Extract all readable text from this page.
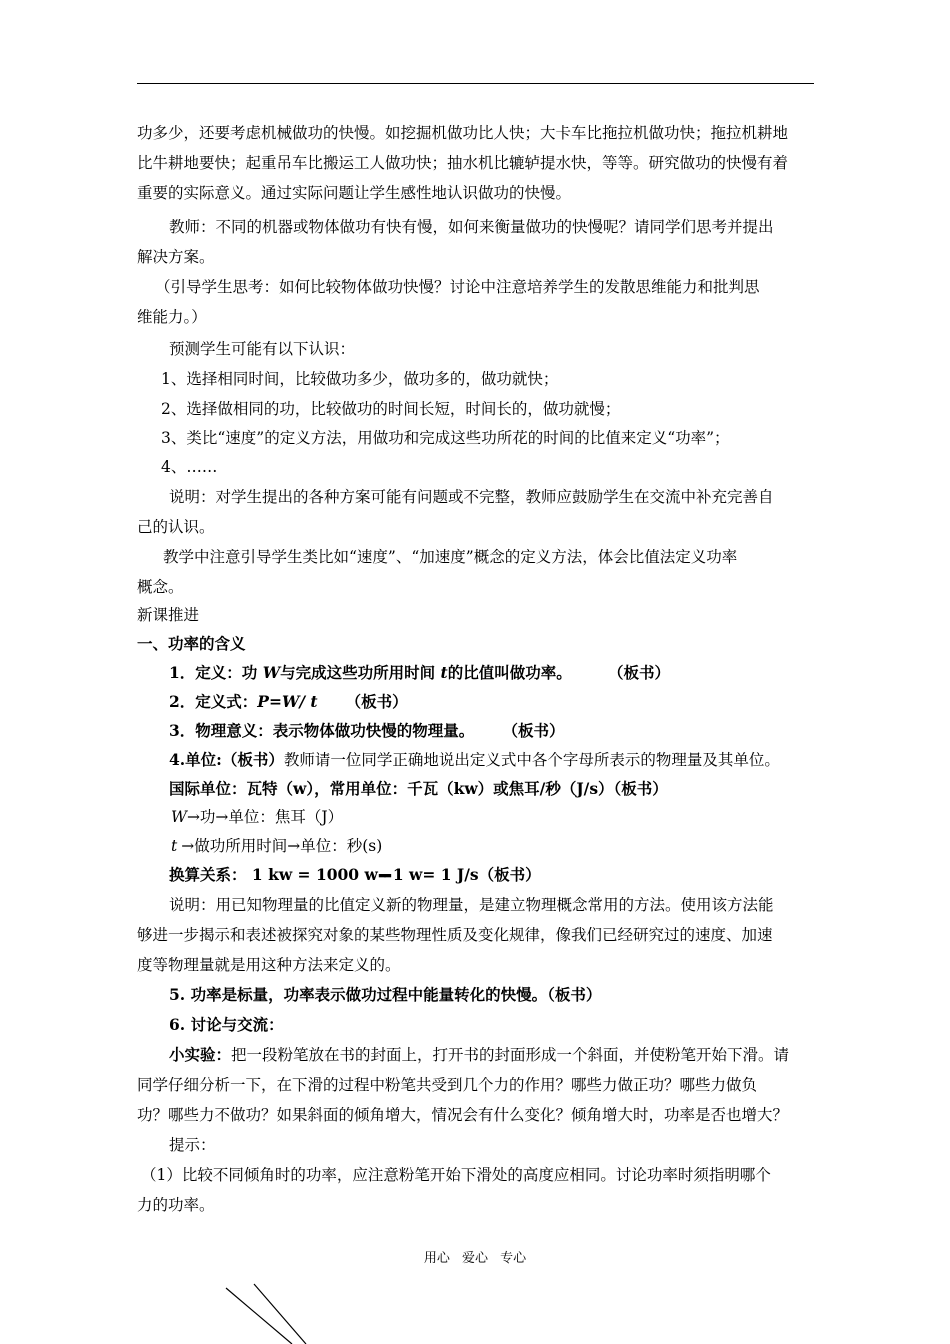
功多少，还要考虑机械做功的快慢。如挖掘机做功比人快；大卡车比拖拉机做功快；拖拉机耕地
比牛耕地要快；起重吊车比搬运工人做功快；抽水机比辘轳提水快，等等。研究做功的快慢有着
重要的实际意义。通过实际问题让学生感性地认识做功的快慢。
教师：不同的机器或物体做功有快有慢，如何来衡量做功的快慢呢？请同学们思考并提出
解决方案。
（引导学生思考：如何比较物体做功快慢？讨论中注意培养学生的发散思维能力和批判思
维能力。）
预测学生可能有以下认识：
1、选择相同时间，比较做功多少，做功多的，做功就快；
2、选择做相同的功，比较做功的时间长短，时间长的，做功就慢；
3、类比“速度”的定义方法，用做功和完成这些功所花的时间的比值来定义“功率”；
4、……
说明：对学生提出的各种方案可能有问题或不完整，教师应鼓励学生在交流中补充完善自
己的认识。
教学中注意引导学生类比如“速度”、“加速度”概念的定义方法，体会比值法定义功率
概念。
新课推进
一、功率的含义
1．定义：功 W与完成这些功所用时间 t的比值叫做功率。	（板书）
2．定义式：P=W/ t （板书）
3．物理意义：表示物体做功快慢的物理量。 （板书）
4.单位:（板书）教师请一位同学正确地说出定义式中各个字母所表示的物理量及其单位。
国际单位：瓦特（w），常用单位：千瓦（kw）或焦耳/秒（J/s）（板书）
W→功→单位：焦耳（J）
t →做功所用时间→单位：秒(s)
换算关系： 1 kw = 1000 w▬▬ 1 w= 1 J/s（板书）
说明：用已知物理量的比值定义新的物理量，是建立物理概念常用的方法。使用该方法能
够进一步揭示和表述被探究对象的某些物理性质及变化规律，像我们已经研究过的速度、加速
度等物理量就是用这种方法来定义的。
5. 功率是标量，功率表示做功过程中能量转化的快慢。（板书）
6. 讨论与交流：
小实验：把一段粉笔放在书的封面上，打开书的封面形成一个斜面，并使粉笔开始下滑。请
同学仔细分析一下，在下滑的过程中粉笔共受到几个力的作用？哪些力做正功？哪些力做负
功？哪些力不做功？如果斜面的倾角增大，情况会有什么变化？倾角增大时，功率是否也增大？
提示：
（1）比较不同倾角时的功率，应注意粉笔开始下滑处的高度应相同。讨论功率时须指明哪个
力的功率。
用心 爱心 专心
